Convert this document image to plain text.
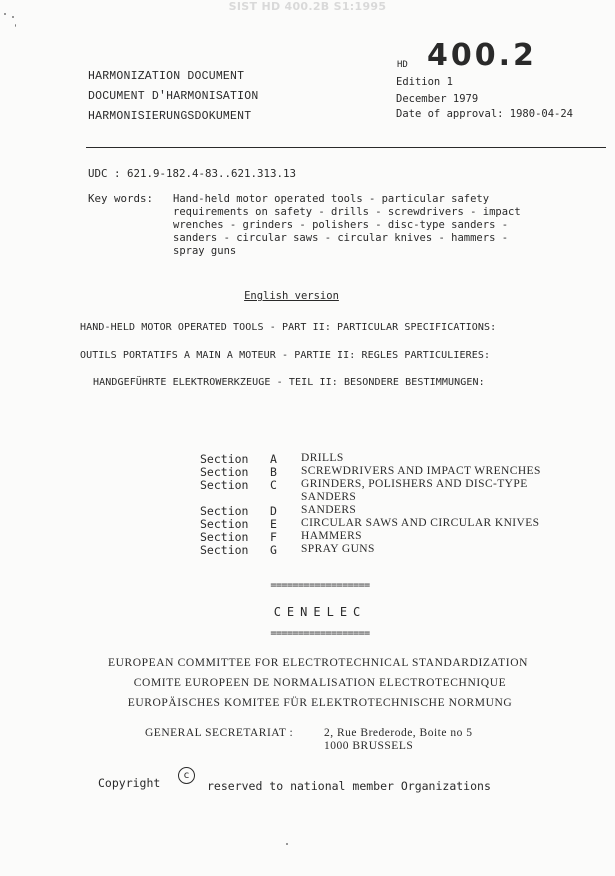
SIST HD 400.2B S1:1995
HARMONIZATION DOCUMENT
DOCUMENT D'HARMONISATION
HARMONISIERUNGSDOKUMENT
HD 400.2
Edition 1
December 1979
Date of approval: 1980-04-24
UDC : 621.9-182.4-83..621.313.13
Key words: Hand-held motor operated tools - particular safety
requirements on safety - drills - screwdrivers - impact
wrenches - grinders - polishers - disc-type sanders -
sanders - circular saws - circular knives - hammers -
spray guns
English version
HAND-HELD MOTOR OPERATED TOOLS - PART II: PARTICULAR SPECIFICATIONS:
OUTILS PORTATIFS A MAIN A MOTEUR - PARTIE II: REGLES PARTICULIERES:
HANDGEFÜHRTE ELEKTROWERKZEUGE - TEIL II: BESONDERE BESTIMMUNGEN:
Section A DRILLS
Section B SCREWDRIVERS AND IMPACT WRENCHES
Section C GRINDERS, POLISHERS AND DISC-TYPE
SANDERS
Section D SANDERS
Section E CIRCULAR SAWS AND CIRCULAR KNIVES
Section F HAMMERS
Section G SPRAY GUNS
==================
CENELEC
==================
EUROPEAN COMMITTEE FOR ELECTROTECHNICAL STANDARDIZATION
COMITE EUROPEEN DE NORMALISATION ELECTROTECHNIQUE
EUROPÄISCHES KOMITEE FÜR ELEKTROTECHNISCHE NORMUNG
GENERAL SECRETARIAT :	2, Rue Brederode, Boite no 5
1000 BRUSSELS
Copyright
c
reserved to national member Organizations
